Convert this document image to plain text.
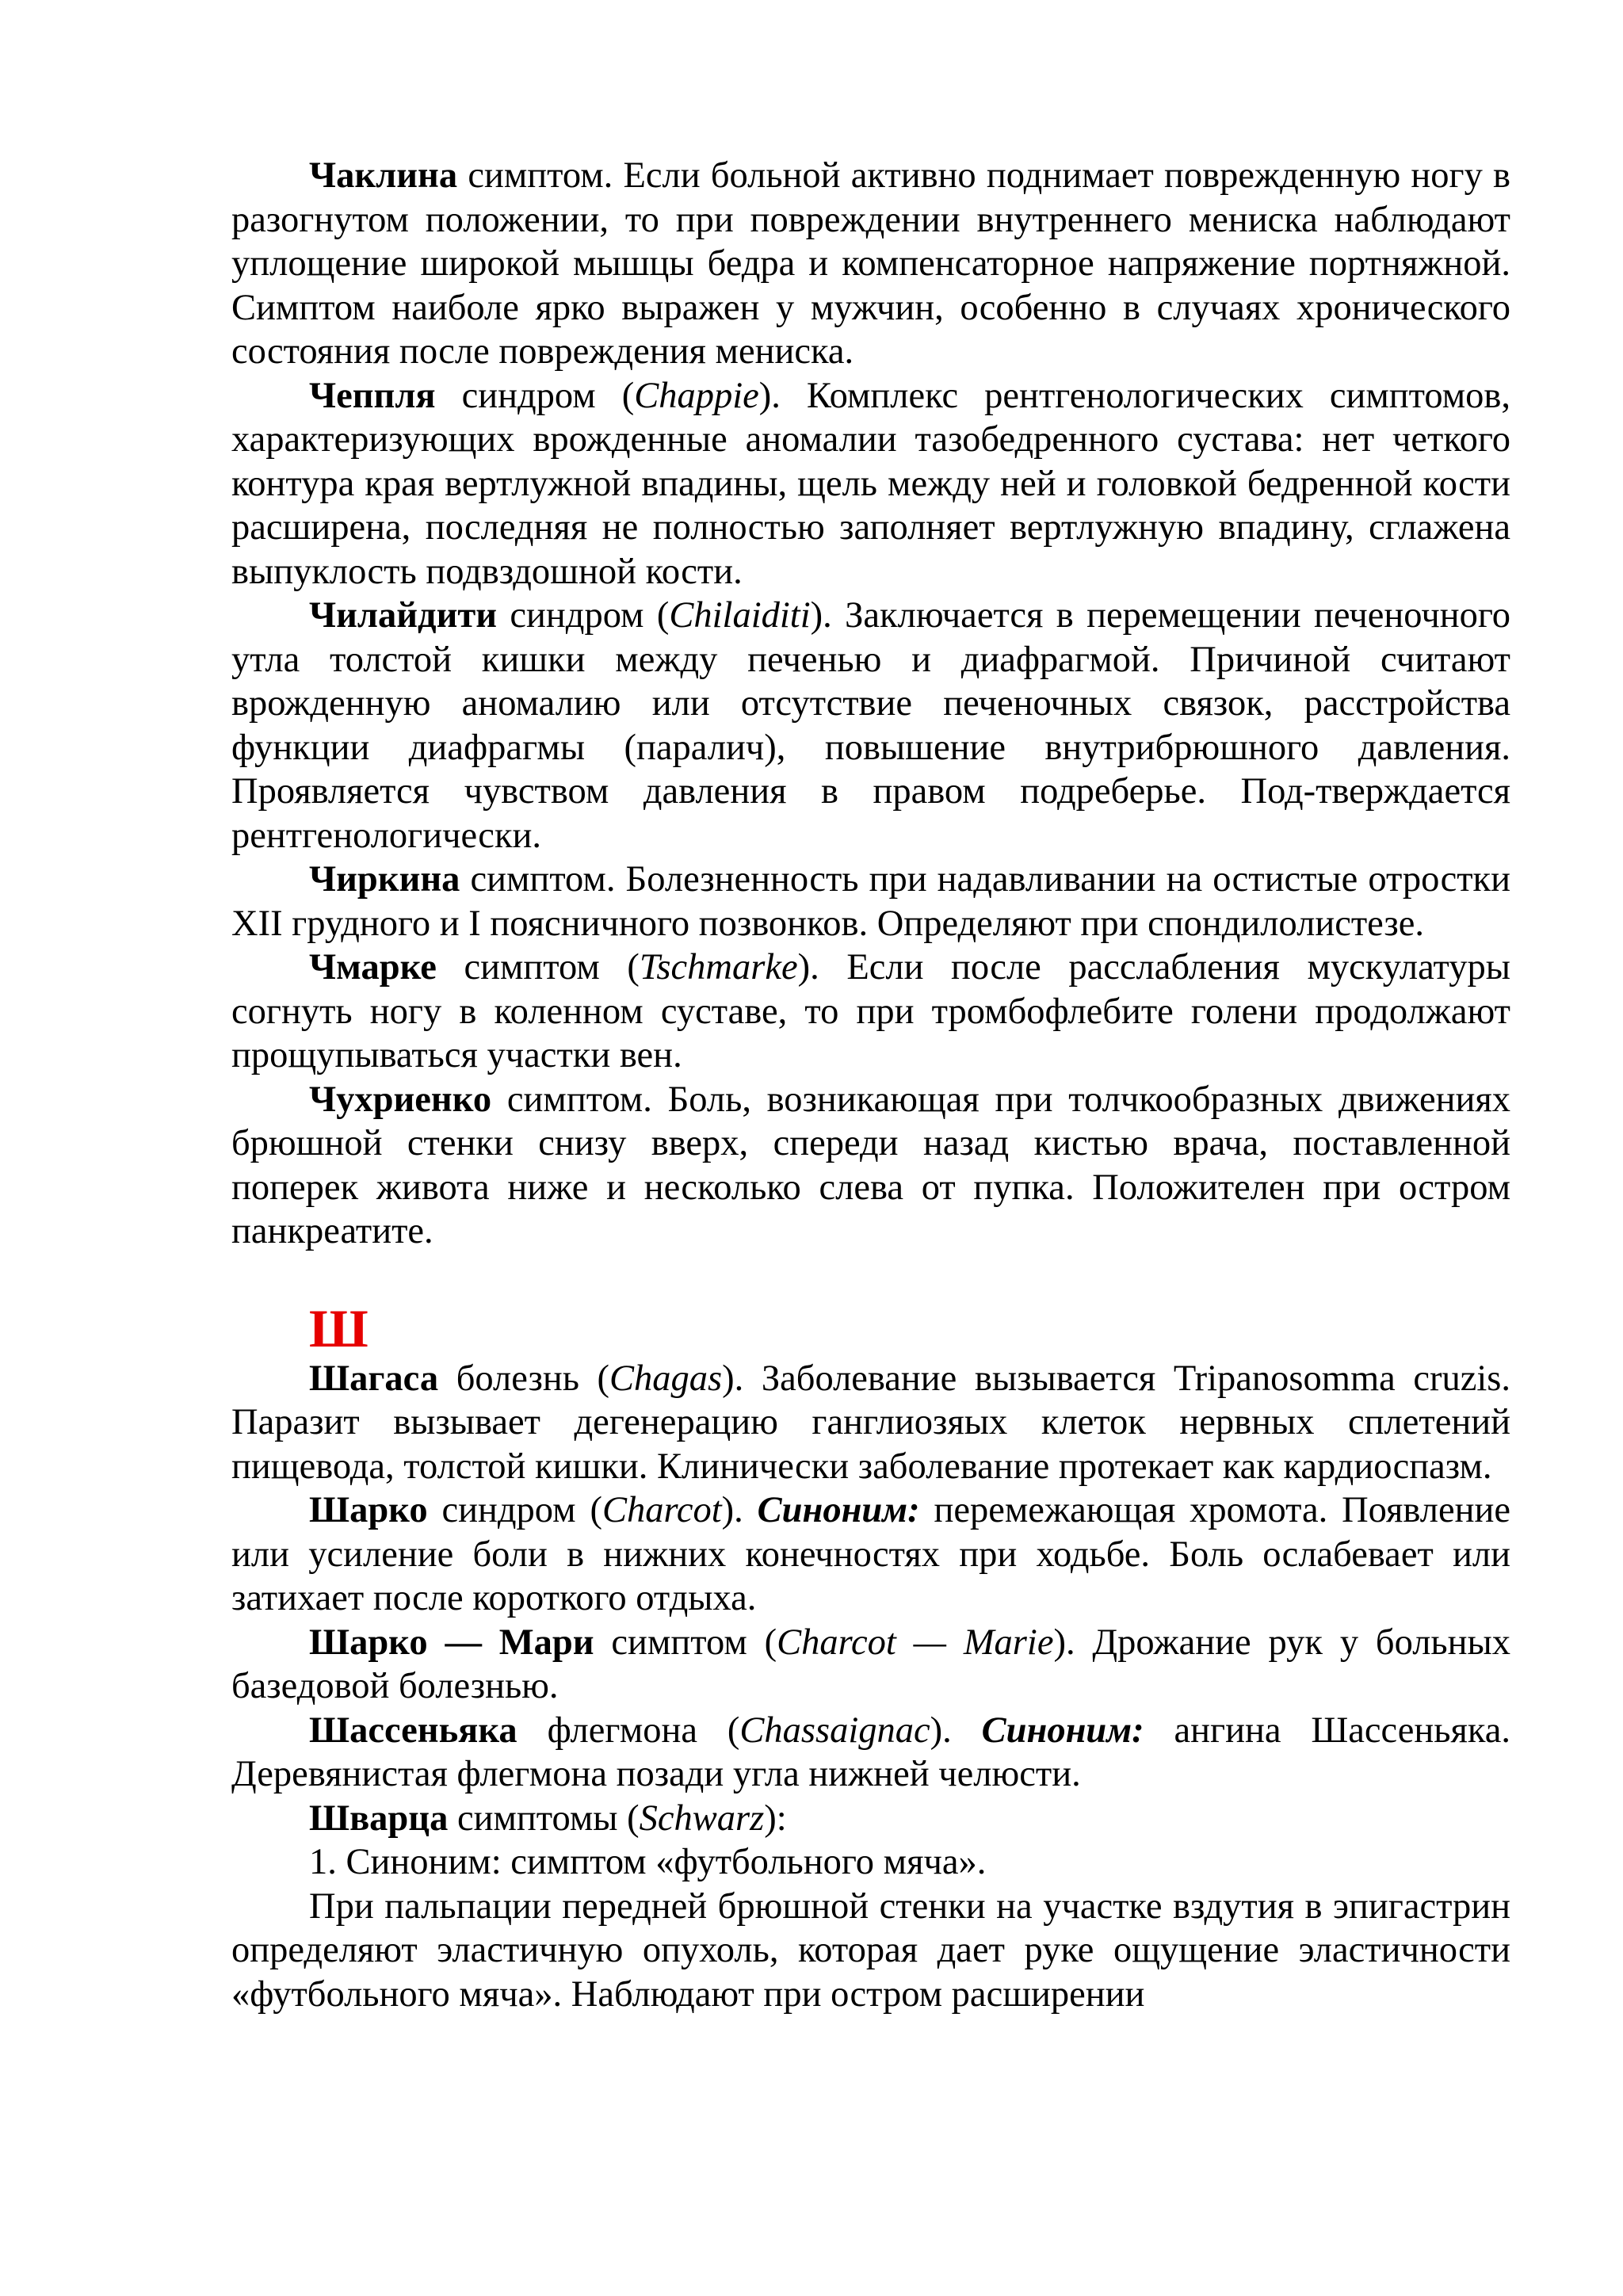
Чаклина симптом. Если больной активно поднимает поврежденную ногу в разогнутом положении, то при повреждении внутреннего мениска наблюдают уплощение широкой мышцы бедра и компенсаторное напряжение портняжной. Симптом наиболе ярко выражен у мужчин, особенно в случаях хронического состояния после повреждения мениска.

Чеппля синдром (Chappie). Комплекс рентгенологических симптомов, характеризующих врожденные аномалии тазобедренного сустава: нет четкого контура края вертлужной впадины, щель между ней и головкой бедренной кости расширена, последняя не полностью заполняет вертлужную впадину, сглажена выпуклость подвздошной кости.

Чилайдити синдром (Chilaiditi). Заключается в перемещении печеночного утла толстой кишки между печенью и диафрагмой. Причиной считают врожденную аномалию или отсутствие печеночных связок, расстройства функции диафрагмы (паралич), повышение внутрибрюшного давления. Проявляется чувством давления в правом подреберье. Под-тверждается рентгенологически.

Чиркина симптом. Болезненность при надавливании на остистые отростки XII грудного и I поясничного позвонков. Определяют при спондилолистезе.

Чмарке симптом (Tschmarke). Если после расслабления мускулатуры согнуть ногу в коленном суставе, то при тромбофлебите голени продолжают прощупываться участки вен.

Чухриенко симптом. Боль, возникающая при толчкообразных движениях брюшной стенки снизу вверх, спереди назад кистью врача, поставленной поперек живота ниже и несколько слева от пупка. Положителен при остром панкреатите.

Ш

Шагаса болезнь (Chagas). Заболевание вызывается Tripanosomma cruzis. Паразит вызывает дегенерацию ганглиозяых клеток нервных сплетений пищевода, толстой кишки. Клинически заболевание протекает как кардиоспазм.

Шарко синдром (Charcot). Синоним: перемежающая хромота. Появление или усиление боли в нижних конечностях при ходьбе. Боль ослабевает или затихает после короткого отдыха.

Шарко — Мари симптом (Charcot — Marie). Дрожание рук у больных базедовой болезнью.

Шассеньяка флегмона (Chassaignac). Синоним: ангина Шассеньяка. Деревянистая флегмона позади угла нижней челюсти.

Шварца симптомы (Schwarz):

1. Синоним: симптом «футбольного мяча».

При пальпации передней брюшной стенки на участке вздутия в эпигастрин определяют эластичную опухоль, которая дает руке ощущение эластичности «футбольного мяча». Наблюдают при остром расширении
